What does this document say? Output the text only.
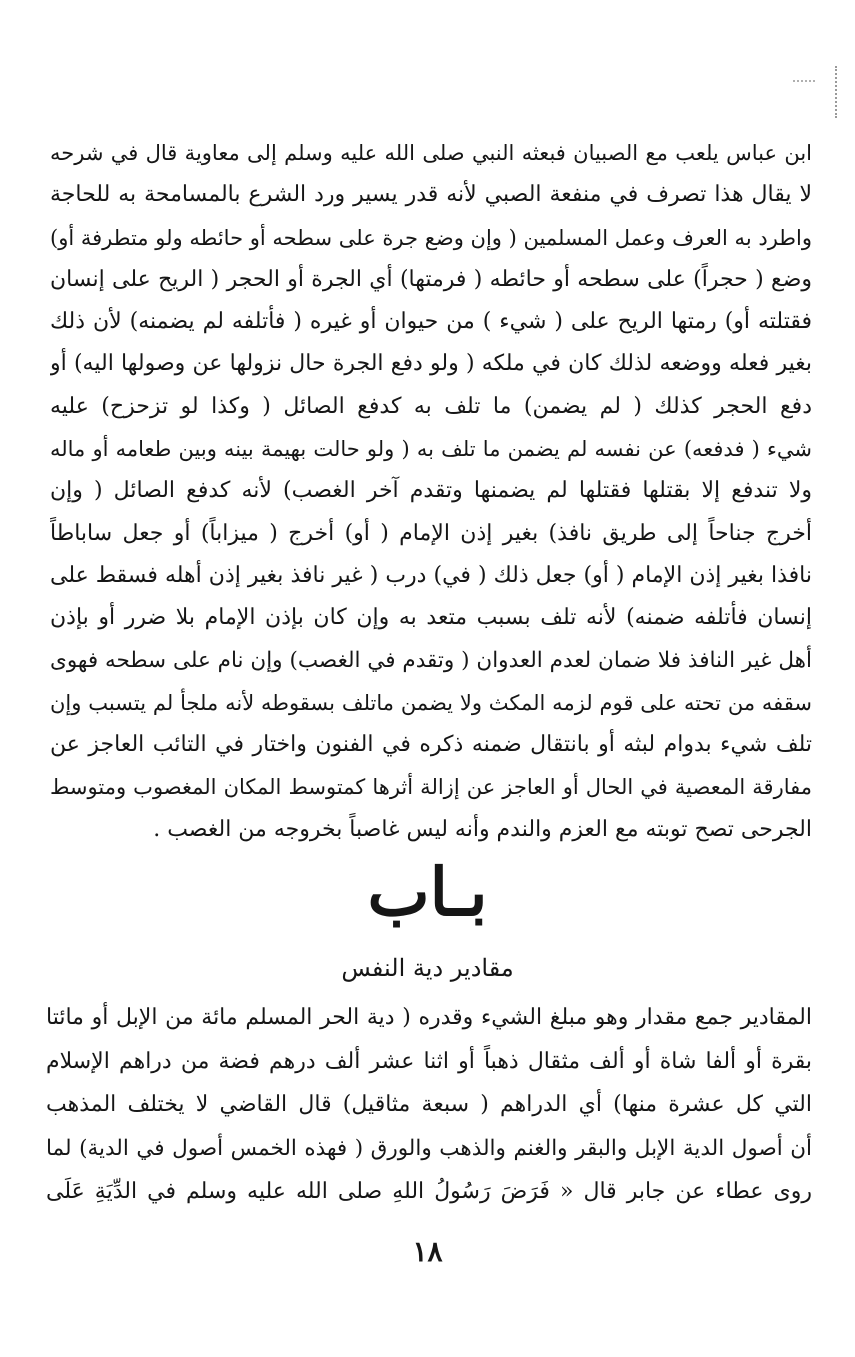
ابن عباس يلعب مع الصبيان فبعثه النبي صلى الله عليه وسلم إلى معاوية قال في شرحه
لا يقال هذا تصرف في منفعة الصبي لأنه قدر يسير ورد الشرع بالمسامحة به للحاجة
واطرد به العرف وعمل المسلمين ( وإن وضع جرة على سطحه أو حائطه ولو متطرفة أو)
وضع ( حجراً) على سطحه أو حائطه ( فرمتها) أي الجرة أو الحجر ( الريح على إنسان
فقتلته أو) رمتها الريح على ( شيء ) من حيوان أو غيره ( فأتلفه لم يضمنه) لأن ذلك
بغير فعله ووضعه لذلك كان في ملكه ( ولو دفع الجرة حال نزولها عن وصولها اليه) أو
دفع الحجر كذلك ( لم يضمن) ما تلف به كدفع الصائل ( وكذا لو تزحزح) عليه
شيء ( فدفعه) عن نفسه لم يضمن ما تلف به ( ولو حالت بهيمة بينه وبين طعامه أو ماله
ولا تندفع إلا بقتلها فقتلها لم يضمنها وتقدم آخر الغصب) لأنه كدفع الصائل ( وإن
أخرج جناحاً إلى طريق نافذ) بغير إذن الإمام ( أو) أخرج ( ميزاباً) أو جعل ساباطاً
نافذا بغير إذن الإمام ( أو) جعل ذلك ( في) درب ( غير نافذ بغير إذن أهله فسقط على
إنسان فأتلفه ضمنه) لأنه تلف بسبب متعد به وإن كان بإذن الإمام بلا ضرر أو بإذن
أهل غير النافذ فلا ضمان لعدم العدوان ( وتقدم في الغصب) وإن نام على سطحه فهوى
سقفه من تحته على قوم لزمه المكث ولا يضمن ماتلف بسقوطه لأنه ملجأ لم يتسبب وإن
تلف شيء بدوام لبثه أو بانتقال ضمنه ذكره في الفنون واختار في التائب العاجز عن
مفارقة المعصية في الحال أو العاجز عن إزالة أثرها كمتوسط المكان المغصوب ومتوسط
الجرحى تصح توبته مع العزم والندم وأنه ليس غاصباً بخروجه من الغصب .
بـاب
مقادير دية النفس
المقادير جمع مقدار وهو مبلغ الشيء وقدره ( دية الحر المسلم مائة من الإبل أو مائتا
بقرة أو ألفا شاة أو ألف مثقال ذهباً أو اثنا عشر ألف درهم فضة من دراهم الإسلام
التي كل عشرة منها) أي الدراهم ( سبعة مثاقيل) قال القاضي لا يختلف المذهب
أن أصول الدية الإبل والبقر والغنم والذهب والورق ( فهذه الخمس أصول في الدية) لما
روى عطاء عن جابر قال « فَرَضَ رَسُولُ اللهِ صلى الله عليه وسلم في الدِّيَةِ عَلَى
١٨
